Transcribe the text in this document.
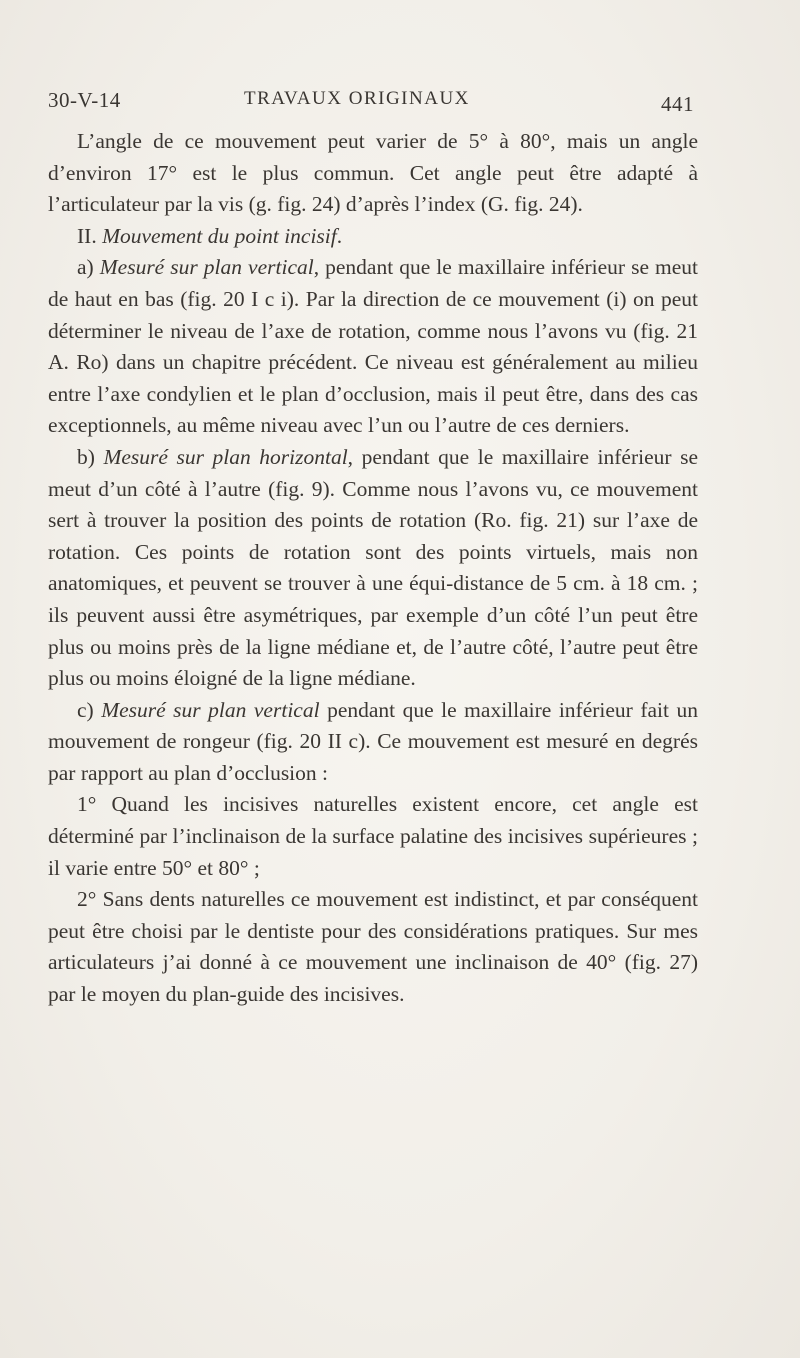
30-V-14	TRAVAUX ORIGINAUX	441

L’angle de ce mouvement peut varier de 5° à 80°, mais un angle d’environ 17° est le plus commun. Cet angle peut être adapté à l’articulateur par la vis (g. fig. 24) d’après l’index (G. fig. 24).

II. Mouvement du point incisif.

a) Mesuré sur plan vertical, pendant que le maxillaire inférieur se meut de haut en bas (fig. 20 I c i). Par la direction de ce mouvement (i) on peut déterminer le niveau de l’axe de rotation, comme nous l’avons vu (fig. 21 A. Ro) dans un chapitre précédent. Ce niveau est généralement au milieu entre l’axe condylien et le plan d’occlusion, mais il peut être, dans des cas exceptionnels, au même niveau avec l’un ou l’autre de ces derniers.

b) Mesuré sur plan horizontal, pendant que le maxillaire inférieur se meut d’un côté à l’autre (fig. 9). Comme nous l’avons vu, ce mouvement sert à trouver la position des points de rotation (Ro. fig. 21) sur l’axe de rotation. Ces points de rotation sont des points virtuels, mais non anatomiques, et peuvent se trouver à une équi-distance de 5 cm. à 18 cm. ; ils peuvent aussi être asymétriques, par exemple d’un côté l’un peut être plus ou moins près de la ligne médiane et, de l’autre côté, l’autre peut être plus ou moins éloigné de la ligne médiane.

c) Mesuré sur plan vertical pendant que le maxillaire inférieur fait un mouvement de rongeur (fig. 20 II c). Ce mouvement est mesuré en degrés par rapport au plan d’occlusion :

1° Quand les incisives naturelles existent encore, cet angle est déterminé par l’inclinaison de la surface palatine des incisives supérieures ; il varie entre 50° et 80° ;

2° Sans dents naturelles ce mouvement est indistinct, et par conséquent peut être choisi par le dentiste pour des considérations pratiques. Sur mes articulateurs j’ai donné à ce mouvement une inclinaison de 40° (fig. 27) par le moyen du plan-guide des incisives.
